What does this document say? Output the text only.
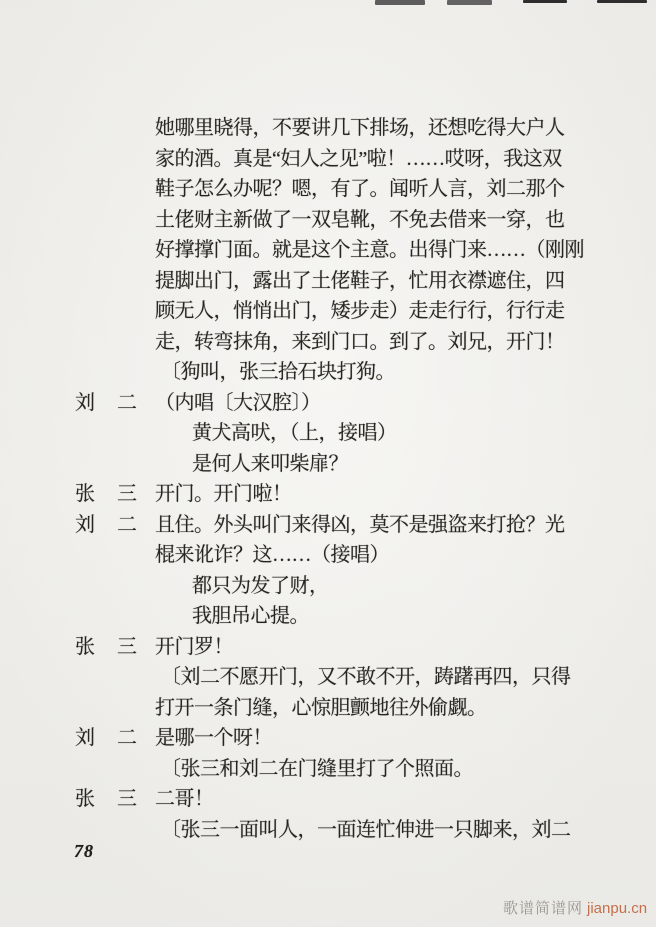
她哪里晓得，不要讲几下排场，还想吃得大户人
家的酒。真是“妇人之见”啦！……哎呀，我这双
鞋子怎么办呢？嗯，有了。闻听人言，刘二那个
土佬财主新做了一双皂靴，不免去借来一穿，也
好撑撑门面。就是这个主意。出得门来……（刚刚
提脚出门，露出了土佬鞋子，忙用衣襟遮住，四
顾无人，悄悄出门，矮步走）走走行行，行行走
走，转弯抹角，来到门口。到了。刘兄，开门！
〔狗叫，张三拾石块打狗。
刘 二 （内唱〔大汉腔〕）
黄犬高吠，（上，接唱）
是何人来叩柴扉？
张 三 开门。开门啦！
刘 二 且住。外头叫门来得凶，莫不是强盗来打抢？光
棍来讹诈？这……（接唱）
都只为发了财，
我胆吊心提。
张 三 开门罗！
〔刘二不愿开门，又不敢不开，踌躇再四，只得
打开一条门缝，心惊胆颤地往外偷觑。
刘 二 是哪一个呀！
〔张三和刘二在门缝里打了个照面。
张 三 二哥！
〔张三一面叫人，一面连忙伸进一只脚来，刘二
78
歌谱简谱网 jianpu.cn
